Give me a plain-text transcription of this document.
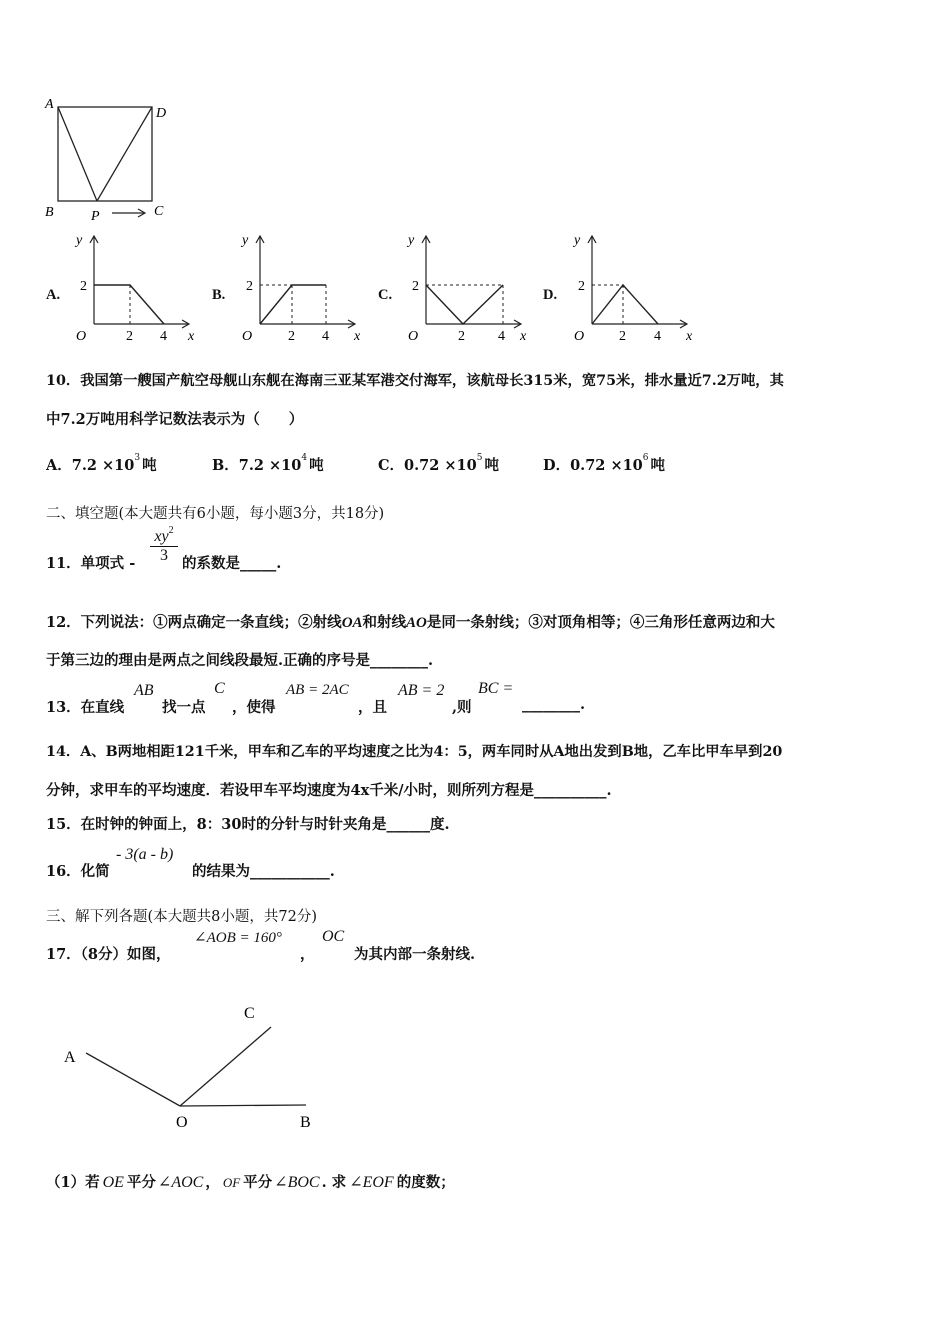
A
D
B	P	C
A.	B.	C.	D.
y
2
O	2 4 x
y
2
O	2 4 x
y
2
O	2 4 x
y
2
O 2 4 x
10．我国第一艘国产航空母舰山东舰在海南三亚某军港交付海军，该航母长315米，宽75米，排水量近7.2万吨，其
中7.2万吨用科学记数法表示为（　　）
A．$7.2 \times 10^3$ 吨	B．$7.2 \times 10^4$ 吨	C．$0.72 \times 10^5$ 吨	D．$0.72 \times 10^6$ 吨
二、填空题(本大题共有6小题，每小题3分，共18分)
11．单项式 -
$xy^2$
3 的系数是_____.
12．下列说法：①两点确定一条直线；②射线OA和射线AO是同一条射线；③对顶角相等；④三角形任意两边和大
于第三边的理由是两点之间线段最短.正确的序号是________.
13．在直线
AB
找一点
C
，使得
AB = 2AC
，且
AB = 2
,则
BC =
________.
14．A、B两地相距121千米，甲车和乙车的平均速度之比为4：5，两车同时从A地出发到B地，乙车比甲车早到20
分钟，求甲车的平均速度．若设甲车平均速度为4x千米/小时，则所列方程是__________.
15．在时钟的钟面上，8：30时的分针与时针夹角是______度.
16．化简
- 3(a - b)
的结果为___________.
三、解下列各题(本大题共8小题，共72分)
17．（8分）如图，
∠AOB = 160°
，
OC
为其内部一条射线.
C
A
O	B
（1）若 OE 平分 ∠AOC ， OF 平分 ∠BOC . 求 ∠EOF 的度数；
